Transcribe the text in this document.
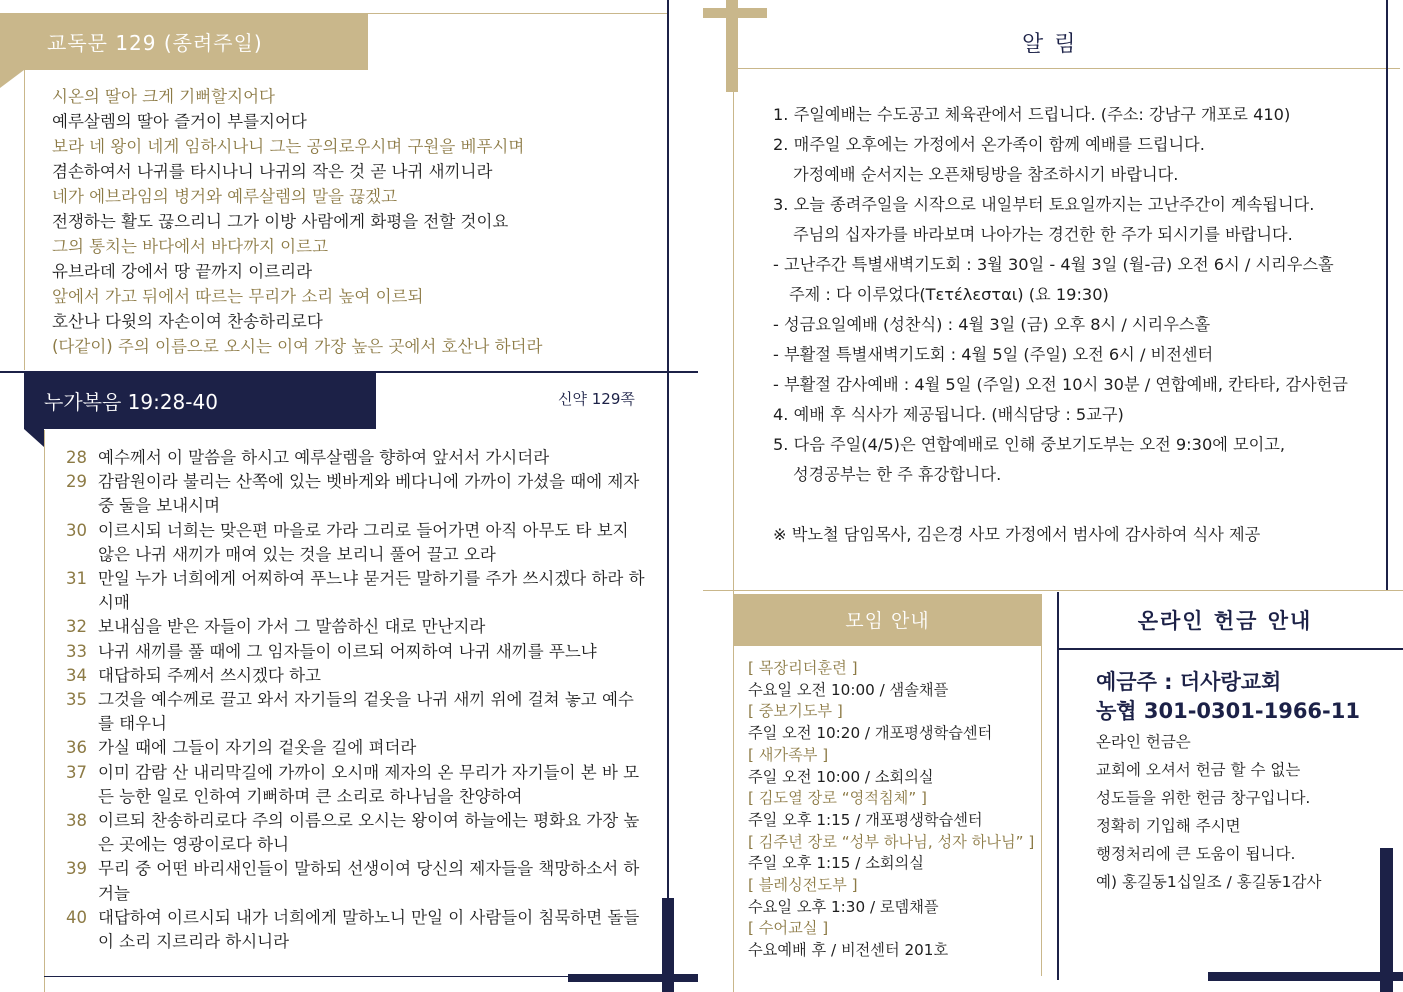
교독문 129 (종려주일)
시온의 딸아 크게 기뻐할지어다
예루살렘의 딸아 즐거이 부를지어다
보라 네 왕이 네게 임하시나니 그는 공의로우시며 구원을 베푸시며
겸손하여서 나귀를 타시나니 나귀의 작은 것 곧 나귀 새끼니라
네가 에브라임의 병거와 예루살렘의 말을 끊겠고
전쟁하는 활도 끊으리니 그가 이방 사람에게 화평을 전할 것이요
그의 통치는 바다에서 바다까지 이르고
유브라데 강에서 땅 끝까지 이르리라
앞에서 가고 뒤에서 따르는 무리가 소리 높여 이르되
호산나 다윗의 자손이여 찬송하리로다
(다같이) 주의 이름으로 오시는 이여 가장 높은 곳에서 호산나 하더라
누가복음 19:28-40	신약 129쪽
28 예수께서 이 말씀을 하시고 예루살렘을 향하여 앞서서 가시더라
29 감람원이라 불리는 산쪽에 있는 벳바게와 베다니에 가까이 가셨을 때에 제자 중 둘을 보내시며
30 이르시되 너희는 맞은편 마을로 가라 그리로 들어가면 아직 아무도 타 보지 않은 나귀 새끼가 매여 있는 것을 보리니 풀어 끌고 오라
31 만일 누가 너희에게 어찌하여 푸느냐 묻거든 말하기를 주가 쓰시겠다 하라 하시매
32 보내심을 받은 자들이 가서 그 말씀하신 대로 만난지라
33 나귀 새끼를 풀 때에 그 임자들이 이르되 어찌하여 나귀 새끼를 푸느냐
34 대답하되 주께서 쓰시겠다 하고
35 그것을 예수께로 끌고 와서 자기들의 겉옷을 나귀 새끼 위에 걸쳐 놓고 예수를 태우니
36 가실 때에 그들이 자기의 겉옷을 길에 펴더라
37 이미 감람 산 내리막길에 가까이 오시매 제자의 온 무리가 자기들이 본 바 모든 능한 일로 인하여 기뻐하며 큰 소리로 하나님을 찬양하여
38 이르되 찬송하리로다 주의 이름으로 오시는 왕이여 하늘에는 평화요 가장 높은 곳에는 영광이로다 하니
39 무리 중 어떤 바리새인들이 말하되 선생이여 당신의 제자들을 책망하소서 하거늘
40 대답하여 이르시되 내가 너희에게 말하노니 만일 이 사람들이 침묵하면 돌들이 소리 지르리라 하시니라
알 림
1. 주일예배는 수도공고 체육관에서 드립니다. (주소: 강남구 개포로 410)
2. 매주일 오후에는 가정에서 온가족이 함께 예배를 드립니다.
가정예배 순서지는 오픈채팅방을 참조하시기 바랍니다.
3. 오늘 종려주일을 시작으로 내일부터 토요일까지는 고난주간이 계속됩니다.
주님의 십자가를 바라보며 나아가는 경건한 한 주가 되시기를 바랍니다.
- 고난주간 특별새벽기도회 : 3월 30일 - 4월 3일 (월-금) 오전 6시 / 시리우스홀
주제 : 다 이루었다(Τετέλεσται) (요 19:30)
- 성금요일예배 (성찬식) : 4월 3일 (금) 오후 8시 / 시리우스홀
- 부활절 특별새벽기도회 : 4월 5일 (주일) 오전 6시 / 비전센터
- 부활절 감사예배 : 4월 5일 (주일) 오전 10시 30분 / 연합예배, 칸타타, 감사헌금
4. 예배 후 식사가 제공됩니다. (배식담당 : 5교구)
5. 다음 주일(4/5)은 연합예배로 인해 중보기도부는 오전 9:30에 모이고,
성경공부는 한 주 휴강합니다.
※ 박노철 담임목사, 김은경 사모 가정에서 범사에 감사하여 식사 제공
모임 안내
[ 목장리더훈련 ]
수요일 오전 10:00 / 샘솔채플
[ 중보기도부 ]
주일 오전 10:20 / 개포평생학습센터
[ 새가족부 ]
주일 오전 10:00 / 소회의실
[ 김도열 장로 “영적침체” ]
주일 오후 1:15 / 개포평생학습센터
[ 김주년 장로 “성부 하나님, 성자 하나님” ]
주일 오후 1:15 / 소회의실
[ 블레싱전도부 ]
수요일 오후 1:30 / 로뎀채플
[ 수어교실 ]
수요예배 후 / 비전센터 201호
온라인 헌금 안내
예금주 : 더사랑교회
농협 301-0301-1966-11
온라인 헌금은
교회에 오셔서 헌금 할 수 없는
성도들을 위한 헌금 창구입니다.
정확히 기입해 주시면
행정처리에 큰 도움이 됩니다.
예) 홍길동1십일조 / 홍길동1감사
